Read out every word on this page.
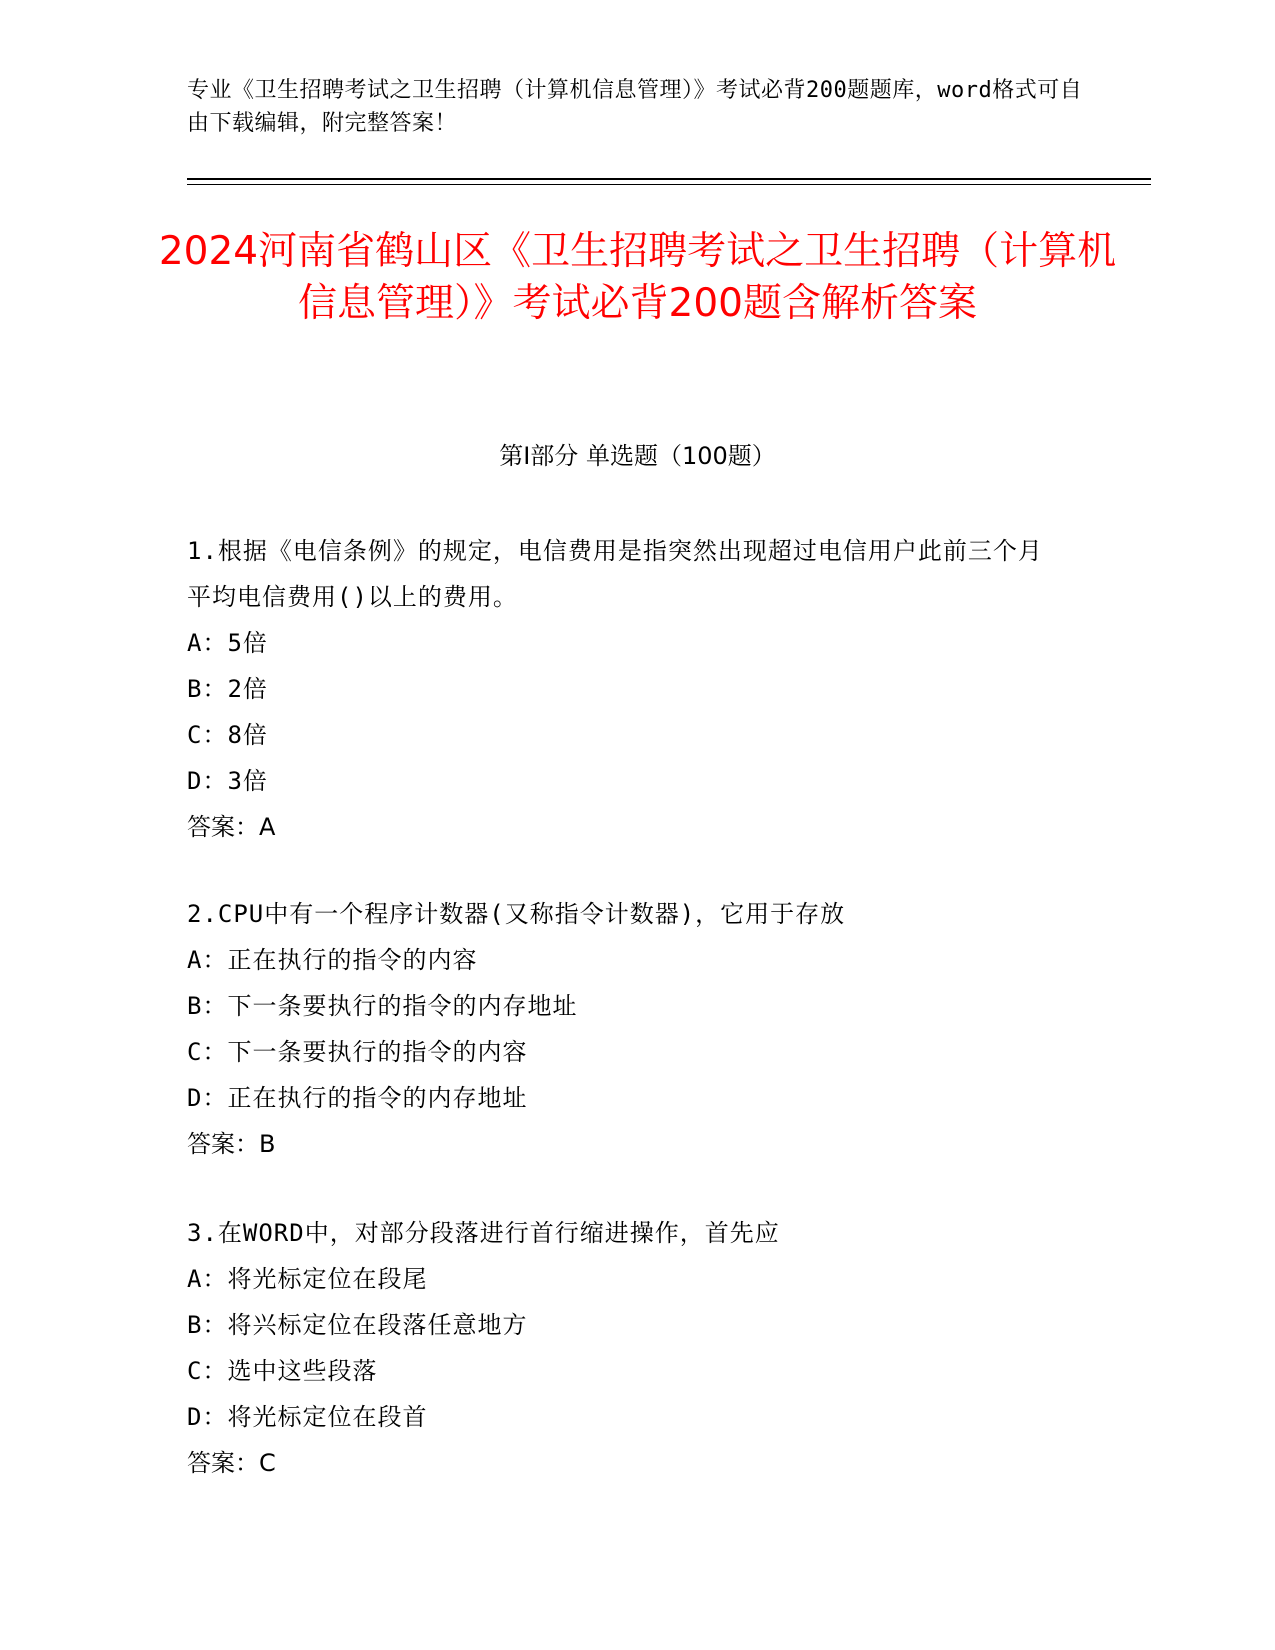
专业《卫生招聘考试之卫生招聘（计算机信息管理）》考试必背200题题库，word格式可自由下载编辑，附完整答案！
2024河南省鹤山区《卫生招聘考试之卫生招聘（计算机信息管理）》考试必背200题含解析答案
第Ⅰ部分 单选题（100题）
1.根据《电信条例》的规定，电信费用是指突然出现超过电信用户此前三个月平均电信费用()以上的费用。
A：5倍
B：2倍
C：8倍
D：3倍
答案：A
2.CPU中有一个程序计数器(又称指令计数器)，它用于存放
A：正在执行的指令的内容
B：下一条要执行的指令的内存地址
C：下一条要执行的指令的内容
D：正在执行的指令的内存地址
答案：B
3.在WORD中，对部分段落进行首行缩进操作，首先应
A：将光标定位在段尾
B：将兴标定位在段落任意地方
C：选中这些段落
D：将光标定位在段首
答案：C
